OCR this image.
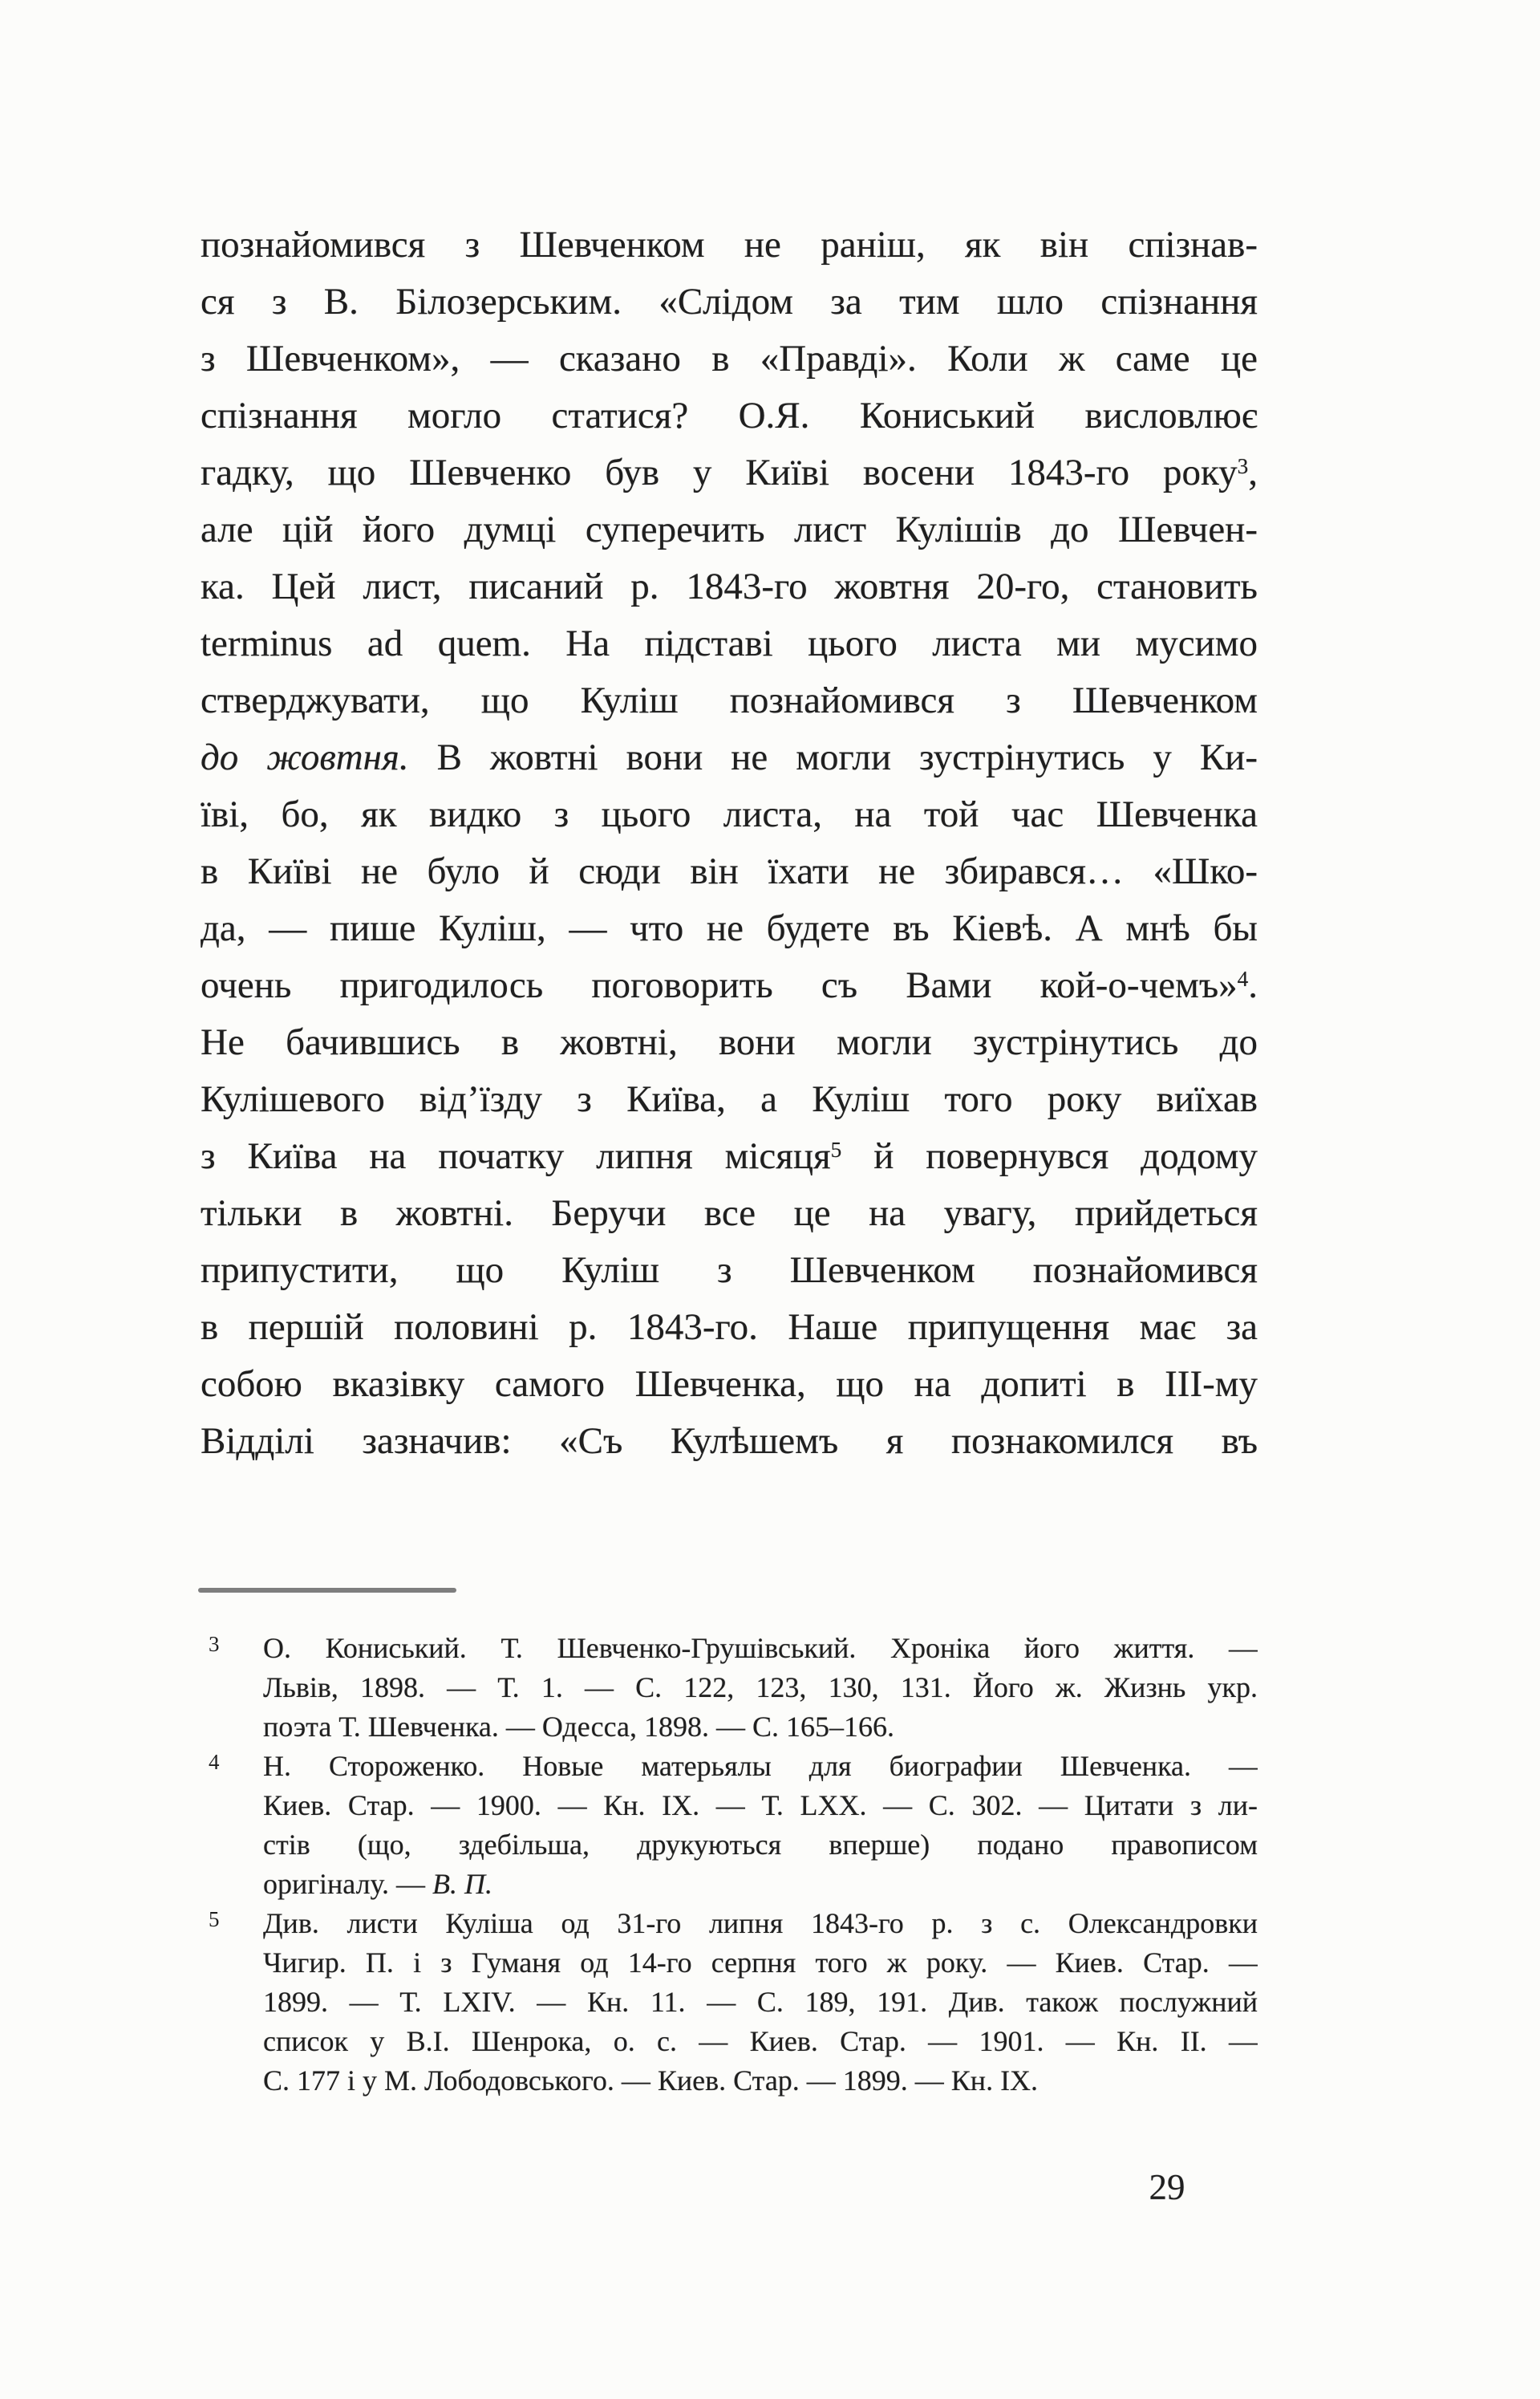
познайомився з Шевченком не раніш, як він спізнав-
ся з В. Білозерським. «Слідом за тим шло спізнання
з Шевченком», — сказано в «Правді». Коли ж саме це
спізнання могло статися? О.Я. Кониський висловлює
гадку, що Шевченко був у Київі восени 1843-го року$^3$,
але цій його думці суперечить лист Кулішів до Шевчен-
ка. Цей лист, писаний р. 1843-го жовтня 20-го, становить
terminus ad quem. На підставі цього листа ми мусимо
стверджувати, що Куліш познайомився з Шевченком
до жовтня. В жовтні вони не могли зустрінутись у Ки-
їві, бо, як видко з цього листа, на той час Шевченка
в Київі не було й сюди він їхати не збирався… «Шко-
да, — пише Куліш, — что не будете въ Кіевѣ. А мнѣ бы
очень пригодилось поговорить съ Вами кой-о-чемъ»$^4$.
Не бачившись в жовтні, вони могли зустрінутись до
Кулішевого від’їзду з Київа, а Куліш того року виїхав
з Київа на початку липня місяця$^5$ й повернувся додому
тільки в жовтні. Беручи все це на увагу, прийдеться
припустити, що Куліш з Шевченком познайомився
в першій половині р. 1843-го. Наше припущення має за
собою вказівку самого Шевченка, що на допиті в ІІІ-му
Відділі зазначив: «Съ Кулѣшемъ я познакомился въ
3 О. Кониський. Т. Шевченко-Грушівський. Хроніка його життя. —
Львів, 1898. — Т. 1. — С. 122, 123, 130, 131. Його ж. Жизнь укр.
поэта Т. Шевченка. — Одесса, 1898. — С. 165–166.
4 Н. Стороженко. Новые матерьялы для биографии Шевченка. —
Киев. Стар. — 1900. — Кн. ІХ. — Т. LXX. — С. 302. — Цитати з ли-
стів (що, здебільша, друкуються вперше) подано правописом
оригіналу. — В. П.
5 Див. листи Куліша од 31-го липня 1843-го р. з с. Олександровки
Чигир. П. і з Гуманя од 14-го серпня того ж року. — Киев. Стар. —
1899. — Т. LXIV. — Кн. 11. — С. 189, 191. Див. також послужний
список у В.І. Шенрока, о. с. — Киев. Стар. — 1901. — Кн. ІІ. —
С. 177 і у М. Лободовського. — Киев. Стар. — 1899. — Кн. ІХ.
29
